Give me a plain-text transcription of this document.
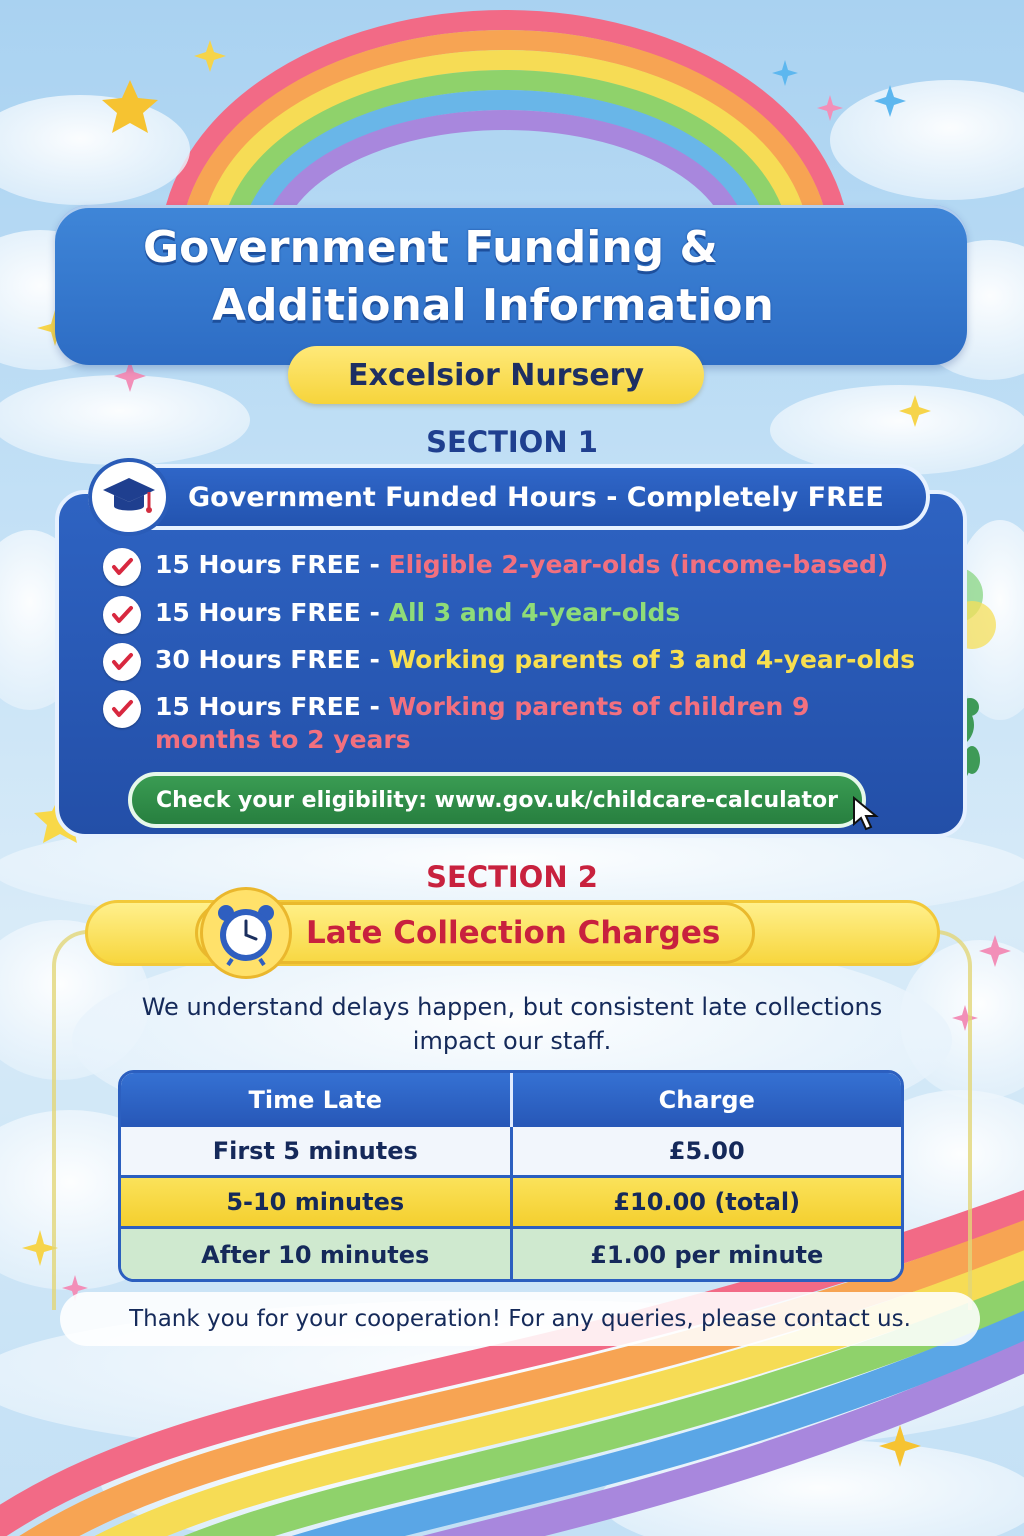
Government Funding &
Additional Information
Excelsior Nursery
SECTION 1
Government Funded Hours - Completely FREE
15 Hours FREE - Eligible 2-year-olds (income-based)
15 Hours FREE - All 3 and 4-year-olds
30 Hours FREE - Working parents of 3 and 4-year-olds
15 Hours FREE - Working parents of children 9 months to 2 years
Check your eligibility: www.gov.uk/childcare-calculator
SECTION 2
Late Collection Charges
We understand delays happen, but consistent late collections impact our staff.
Time Late	Charge
First 5 minutes	£5.00
5-10 minutes	£10.00 (total)
After 10 minutes	£1.00 per minute
Thank you for your cooperation! For any queries, please contact us.
